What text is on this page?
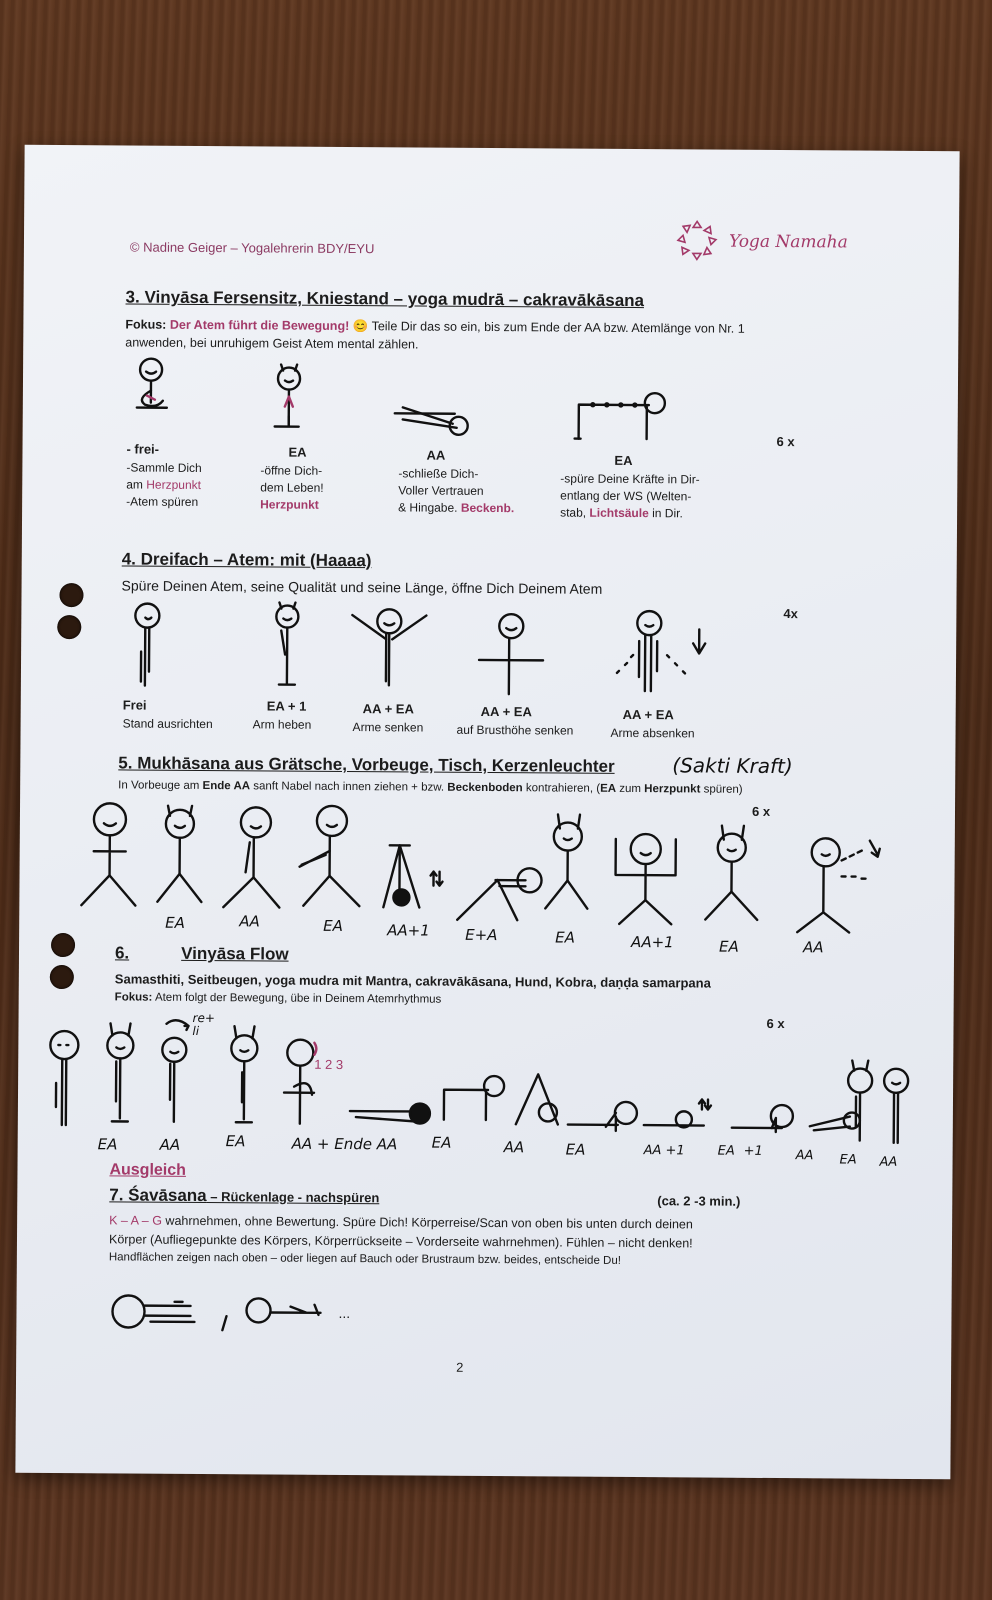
© Nadine Geiger – Yogalehrerin BDY/EYU	Yoga Namaha
3. Vinyāsa Fersensitz, Kniestand – yoga mudrā – cakravākāsana
Fokus: Der Atem führt die Bewegung! 😊 Teile Dir das so ein, bis zum Ende der AA bzw. Atemlänge von Nr. 1
anwenden, bei unruhigem Geist Atem mental zählen.
- frei-
-Sammle Dich
am Herzpunkt
-Atem spüren
EA
-öffne Dich-
dem Leben!
Herzpunkt
AA
-schließe Dich-
Voller Vertrauen
& Hingabe. Beckenb.
EA
-spüre Deine Kräfte in Dir-
entlang der WS (Welten-
stab, Lichtsäule in Dir.
6 x
4. Dreifach – Atem: mit (Haaaa)
Spüre Deinen Atem, seine Qualität und seine Länge, öffne Dich Deinem Atem
4x
Frei
Stand ausrichten
EA + 1
Arm heben
AA + EA
Arme senken
AA + EA
auf Brusthöhe senken
AA + EA
Arme absenken
5. Mukhāsana aus Grätsche, Vorbeuge, Tisch, Kerzenleuchter	(Sakti Kraft)
In Vorbeuge am Ende AA sanft Nabel nach innen ziehen + bzw. Beckenboden kontrahieren, (EA zum Herzpunkt spüren)
6 x
EA	AA	EA	AA+1 E+A	EA	AA+1	EA	AA
6.	Vinyāsa Flow
Samasthiti, Seitbeugen, yoga mudra mit Mantra, cakravākāsana, Hund, Kobra, daṇḍa samarpana
Fokus: Atem folgt der Bewegung, übe in Deinem Atemrhythmus
6 x
re+ li
1 2 3
EA	AA	EA	AA + Ende AA EA	AA	EA	AA +1	EA +1	AA EA AA
Ausgleich
7. Śavāsana – Rückenlage - nachspüren	(ca. 2 -3 min.)
K – A – G wahrnehmen, ohne Bewertung. Spüre Dich! Körperreise/Scan von oben bis unten durch deinen
Körper (Aufliegepunkte des Körpers, Körperrückseite – Vorderseite wahrnehmen). Fühlen – nicht denken!
Handflächen zeigen nach oben – oder liegen auf Bauch oder Brustraum bzw. beides, entscheide Du!
...
2
